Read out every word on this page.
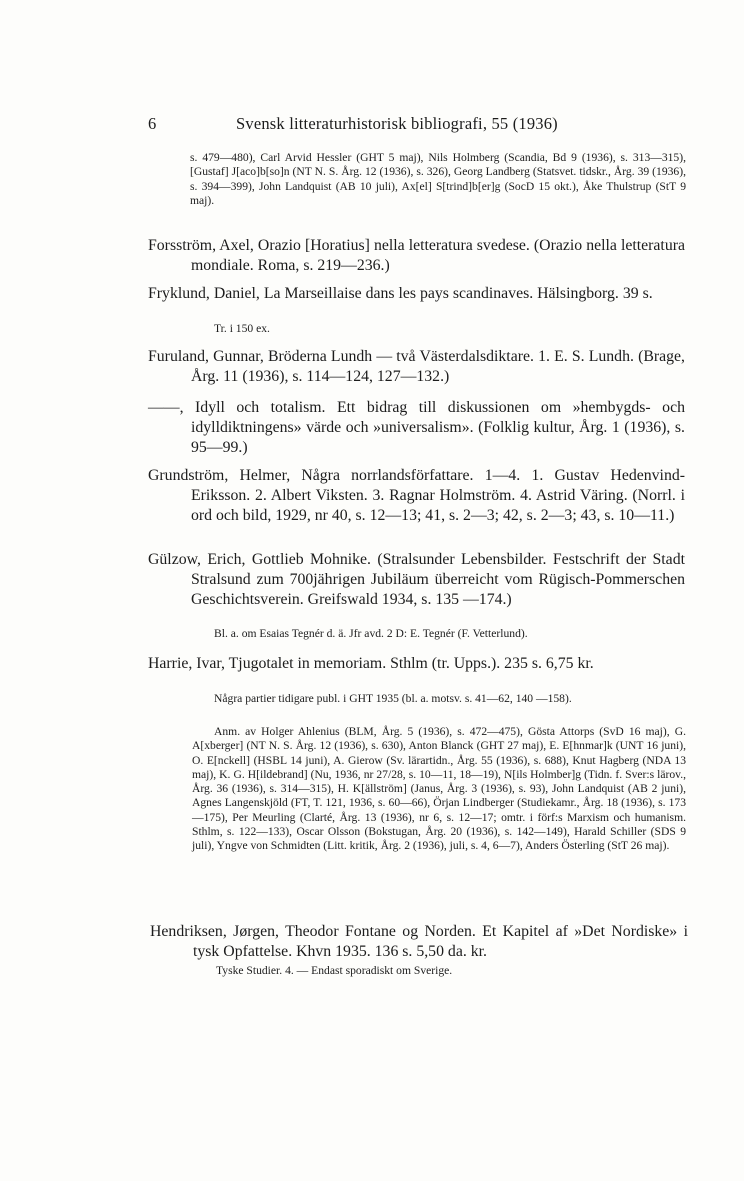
6	Svensk litteraturhistorisk bibliografi, 55 (1936)
s. 479—480), Carl Arvid Hessler (GHT 5 maj), Nils Holmberg (Scandia, Bd 9 (1936), s. 313—315), [Gustaf] J[aco]b[so]n (NT N. S. Årg. 12 (1936), s. 326), Georg Landberg (Statsvet. tidskr., Årg. 39 (1936), s. 394—399), John Landquist (AB 10 juli), Ax[el] S[trind]b[er]g (SocD 15 okt.), Åke Thulstrup (StT 9 maj).
Forsström, Axel, Orazio [Horatius] nella letteratura svedese. (Orazio nella letteratura mondiale. Roma, s. 219—236.)
Fryklund, Daniel, La Marseillaise dans les pays scandinaves. Hälsingborg. 39 s.
Tr. i 150 ex.
Furuland, Gunnar, Bröderna Lundh — två Västerdalsdiktare. 1. E. S. Lundh. (Brage, Årg. 11 (1936), s. 114—124, 127—132.)
——, Idyll och totalism. Ett bidrag till diskussionen om »hembygds- och idylldiktningens» värde och »universalism». (Folklig kultur, Årg. 1 (1936), s. 95—99.)
Grundström, Helmer, Några norrlandsförfattare. 1—4. 1. Gustav Hedenvind-Eriksson. 2. Albert Viksten. 3. Ragnar Holmström. 4. Astrid Väring. (Norrl. i ord och bild, 1929, nr 40, s. 12—13; 41, s. 2—3; 42, s. 2—3; 43, s. 10—11.)
Gülzow, Erich, Gottlieb Mohnike. (Stralsunder Lebensbilder. Festschrift der Stadt Stralsund zum 700jährigen Jubiläum überreicht vom Rügisch-Pommerschen Geschichtsverein. Greifswald 1934, s. 135 —174.)
Bl. a. om Esaias Tegnér d. ä. Jfr avd. 2 D: E. Tegnér (F. Vetterlund).
Harrie, Ivar, Tjugotalet in memoriam. Sthlm (tr. Upps.). 235 s. 6,75 kr.
Några partier tidigare publ. i GHT 1935 (bl. a. motsv. s. 41—62, 140 —158).
Anm. av Holger Ahlenius (BLM, Årg. 5 (1936), s. 472—475), Gösta Attorps (SvD 16 maj), G. A[xberger] (NT N. S. Årg. 12 (1936), s. 630), Anton Blanck (GHT 27 maj), E. E[hnmar]k (UNT 16 juni), O. E[nckell] (HSBL 14 juni), A. Gierow (Sv. lärartidn., Årg. 55 (1936), s. 688), Knut Hagberg (NDA 13 maj), K. G. H[ildebrand] (Nu, 1936, nr 27/28, s. 10—11, 18—19), N[ils Holmber]g (Tidn. f. Sver:s lärov., Årg. 36 (1936), s. 314—315), H. K[ällström] (Janus, Årg. 3 (1936), s. 93), John Landquist (AB 2 juni), Agnes Langenskjöld (FT, T. 121, 1936, s. 60—66), Örjan Lindberger (Studiekamr., Årg. 18 (1936), s. 173—175), Per Meurling (Clarté, Årg. 13 (1936), nr 6, s. 12—17; omtr. i förf:s Marxism och humanism. Sthlm, s. 122—133), Oscar Olsson (Bokstugan, Årg. 20 (1936), s. 142—149), Harald Schiller (SDS 9 juli), Yngve von Schmidten (Litt. kritik, Årg. 2 (1936), juli, s. 4, 6—7), Anders Österling (StT 26 maj).
Hendriksen, Jørgen, Theodor Fontane og Norden. Et Kapitel af »Det Nordiske» i tysk Opfattelse. Khvn 1935. 136 s. 5,50 da. kr.
Tyske Studier. 4. — Endast sporadiskt om Sverige.
